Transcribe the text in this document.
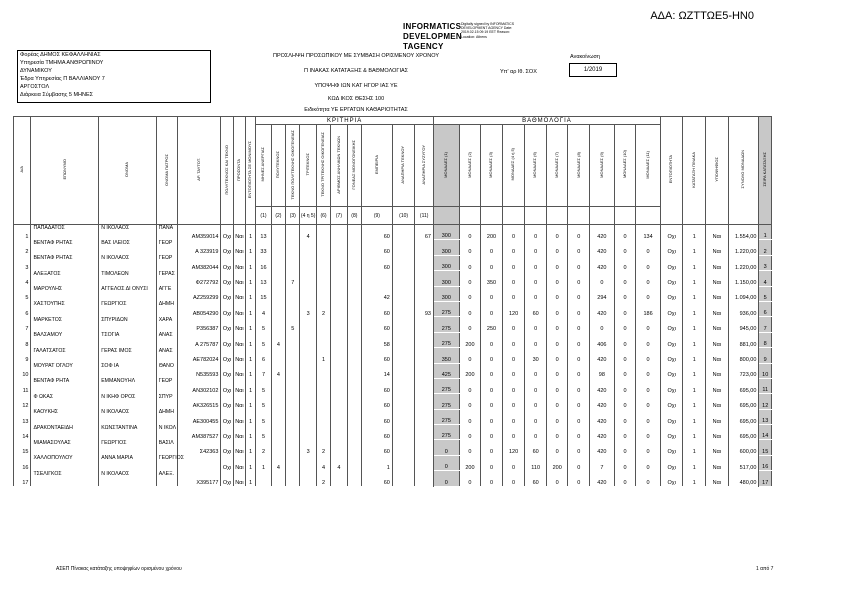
ΑΔΑ: ΩΖΤΤΩΕ5-ΗΝ0
INFORMATICS
DEVELOPMEN
TAGENCY
Digitally signed by INFORMATICS DEVELOPMENT AGENCY Date: 2019.02.15 09:19 EET Reason: Location: Athens
Φορέας ΔΗΜΟΣ ΚΕΦΑΛΛΗΝΙΑΣ
Υπηρεσία ΤΜΗΜΑ ΑΝΘΡΩΠΙΝΟΥ
ΔΥΝΑΜΙΚΟΥ
Έδρα Υπηρεσίας Π ΒΑΛΛΙΑΝΟΥ 7
ΑΡΓΟΣΤΟΛ
Διάρκεια Σύμβασης 5 ΜΗΝΕΣ
ΠΡΟΣΛΗΨΗ ΠΡΟΣΩΠΙΚΟΥ ΜΕ ΣΥΜΒΑΣΗ ΟΡΙΣΜΕΝΟΥ ΧΡΟΝΟΥ
Π ΙΝΑΚΑΣ ΚΑΤΑΤΑΞΗΣ & ΒΑΘΜΟΛΟΓΙΑΣ
ΥΠΟΨΗΦ ΙΩΝ ΚΑΤ ΗΓΟΡ ΙΑΣ ΥΕ
ΚΩΔ ΙΚΟΣ ΘΕΣΗΣ 100
Ειδικότητα ΥΕ ΕΡΓΑΤΩΝ ΚΑΘΑΡΙΟΤΗΤΑΣ
Ανακοίνωση
1/2019
Υπ' αρ Ιθ. ΣΟΧ
Α/Α	ΕΠΩΝΥΜΟ	ΟΝΟΜΑ	ΟΝΟΜΑ ΠΑΤΡΟΣ	ΑΡ. ΤΑΥΤΟΤ.	ΠΟΛΥΤΕΚΝΟΣ ΚΑΙ ΤΕΚΝΟ	ΠΡΟΣΟΝΤΑ	ΕΝΤΟΠΙΟΤΗΤΑ ΣΕ ΜΟΝΙΜΟΥΣ	ΚΡΙΤΗΡΙΑ										ΒΑΘΜΟΛΟΓΙΑ										ΕΝΤΟΠΙΟΤΗΤΑ	ΚΑΤΑΤΑΞΗ ΠΙΝΑΚΑ	ΥΠΟΨΗΦΙΟΣ	ΣΥΝΟΛΟ ΜΟΝΑΔΩΝ	ΣΕΙΡΑ ΚΑΤΑΤΑΞΗΣ
								ΜΗΝΕΣ ΑΝΕΡΓΙΑΣ	ΠΟΛΥΤΕΚΝΟΣ	ΤΕΚΝΟ ΠΟΛΥΤΕΚΝΗΣ ΟΙΚΟΓΕΝΕΙΑΣ	ΤΡΙΤΕΚΝΟΣ	ΤΕΚΝΟ ΤΡΙΤΕΚΝΗΣ ΟΙΚΟΓΕΝΕΙΑΣ	ΑΡΙΘΜΟΣ ΑΝΗΛΙΚΩΝ ΤΕΚΝΩΝ	ΓΟΝΕΑΣ ΜΟΝΟΓΟΝΕΙΚΗΣ	ΕΜΠΕΙΡΙΑ	ΑΝΑΠΗΡΙΑ ΤΕΚΝΟΥ	ΑΝΑΠΗΡΙΑ ΣΥΖΥΓΟΥ	ΜΟΝΑΔΕΣ (1)	ΜΟΝΑΔΕΣ (2)	ΜΟΝΑΔΕΣ (3)	ΜΟΝΑΔΕΣ (4 ή 5)	ΜΟΝΑΔΕΣ (6)	ΜΟΝΑΔΕΣ (7)	ΜΟΝΑΔΕΣ (8)	ΜΟΝΑΔΕΣ (9)	ΜΟΝΑΔΕΣ (10)	ΜΟΝΑΔΕΣ (11)					
								(1)	(2)	(3)	(4 η 5)	(6)	(7)	(8)	(9)	(10)	(11)															
1	ΠΑΠΑΔΑΤΟΣ	Ν ΙΚΟΛΑΟΣ	ΠΑΝΑ	ΑΜ359014	Οχι	Ναι	1	13			4				60		67	300	0	200	0	0	0	0	420	0	134	Οχι	1	Ναι	1.554,00	1
2	ΒΕΝΤΑΦ ΡΗΤΑΣ	ΒΑΣ ΙΛΕΙΟΣ	ΓΕΩΡ	Α 323919	Οχι	Ναι	1	33							60			300	0	0	0	0	0	0	420	0	0	Οχι	1	Ναι	1.220,00	2
3	ΒΕΝΤΑΦ ΡΗΤΑΣ	Ν ΙΚΟΛΑΟΣ	ΓΕΩΡ	ΑΜ382044	Οχι	Ναι	1	16							60			300	0	0	0	0	0	0	420	0	0	Οχι	1	Ναι	1.220,00	3
4	ΑΛΕΞΑΤΟΣ	ΤΙΜΟΛΕΩΝ	ΓΕΡΑΣ	Φ272792	Οχι	Ναι	1	13		7								300	0	350	0	0	0	0	0	0	0	Οχι	1	Ναι	1.150,00	4
5	ΜΑΡΟΥΛΗΣ	ΑΓΓΕΛΟΣ ΔΙ ΟΝΥΣΙ	ΑΓΓΕ	ΑΖ259299	Οχι	Ναι	1	15							42			300	0	0	0	0	0	0	294	0	0	Οχι	1	Ναι	1.094,00	5
6	ΧΑΣΤΟΥΠΗΣ	ΓΕΩΡΓΙΟΣ	ΔΗΜΗ	ΑΒ054290	Οχι	Ναι	1	4			3	2			60		93	275	0	0	120	60	0	0	420	0	186	Οχι	1	Ναι	936,00	6
7	ΜΑΡΚΕΤΟΣ	ΣΠΥΡΙΔΩΝ	ΧΑΡΑ	Ρ356387	Οχι	Ναι	1	5		5					60			275	0	250	0	0	0	0	0	0	0	Οχι	1	Ναι	945,00	7
8	ΒΑΛΣΑΜΟΥ	ΤΣΟΓΙΑ	ΑΝΑΣ	Α 275787	Οχι	Ναι	1	5	4						58			275	200	0	0	0	0	0	406	0	0	Οχι	1	Ναι	881,00	8
9	ΓΑΛΑΤΣΑΤΟΣ	ΓΕΡΑΣ ΙΜΟΣ	ΑΝΑΣ	ΑΕ782024	Οχι	Ναι	1	6				1			60			350	0	0	0	30	0	0	420	0	0	Οχι	1	Ναι	800,00	9
10	ΜΟΥΡΑΤ ΟΓΛΟΥ	ΣΟΦ ΙΑ	ΘΑΝΟ	Ν535593	Οχι	Ναι	1	7	4						14			425	200	0	0	0	0	0	98	0	0	Οχι	1	Ναι	723,00	10
11	ΒΕΝΤΑΦ ΡΗΤΑ	ΕΜΜΑΝΟΥΗΛ	ΓΕΩΡ	ΑΝ302102	Οχι	Ναι	1	5							60			275	0	0	0	0	0	0	420	0	0	Οχι	1	Ναι	695,00	11
12	Φ ΩΚΑΣ	Ν ΙΚΗΦ ΟΡΟΣ	ΣΠΥΡ	ΑΚ326515	Οχι	Ναι	1	5							60			275	0	0	0	0	0	0	420	0	0	Οχι	1	Ναι	695,00	12
13	ΚΑΟΥΚΗΣ	Ν ΙΚΟΛΑΟΣ	ΔΗΜΗ	ΑΕ300455	Οχι	Ναι	1	5							60			275	0	0	0	0	0	0	420	0	0	Οχι	1	Ναι	695,00	13
14	ΔΡΑΚΟΝΤΑΕΙΔΗ	ΚΩΝΣΤΑΝΤΙΝΑ	Ν ΙΚΟΛ	ΑΜ387527	Οχι	Ναι	1	5							60			275	0	0	0	0	0	0	420	0	0	Οχι	1	Ναι	695,00	14
15	ΜΙΑΜΑΣΟΥΛΑΣ	ΓΕΩΡΓΙΟΣ	ΒΑΣΙΛ	Σ42363	Οχι	Ναι	1	2			3	2			60			0	0	0	120	60	0	0	420	0	0	Οχι	1	Ναι	600,00	15
16	ΧΑΛΛΟΠΟΥΛΟΥ	ΑΝΝΑ ΜΑΡΙΑ	ΓΕΩΡΓΙΟΣ		Οχι	Ναι	1	1	4			4	4		1			0	200	0	0	110	200	0	7	0	0	Οχι	1	Ναι	517,00	16
17	ΤΣΕΛΙΓΚΟΣ	Ν ΙΚΟΛΑΟΣ	ΑΛΕΞ.	Χ395177	Οχι	Ναι	1					2			60			0	0	0	0	60	0	0	420	0	0	Οχι	1	Ναι	480,00	17
ΑΣΕΠ Πίνακας κατάταξης υποψηφίων ορισμένου χρόνου	1 από 7
